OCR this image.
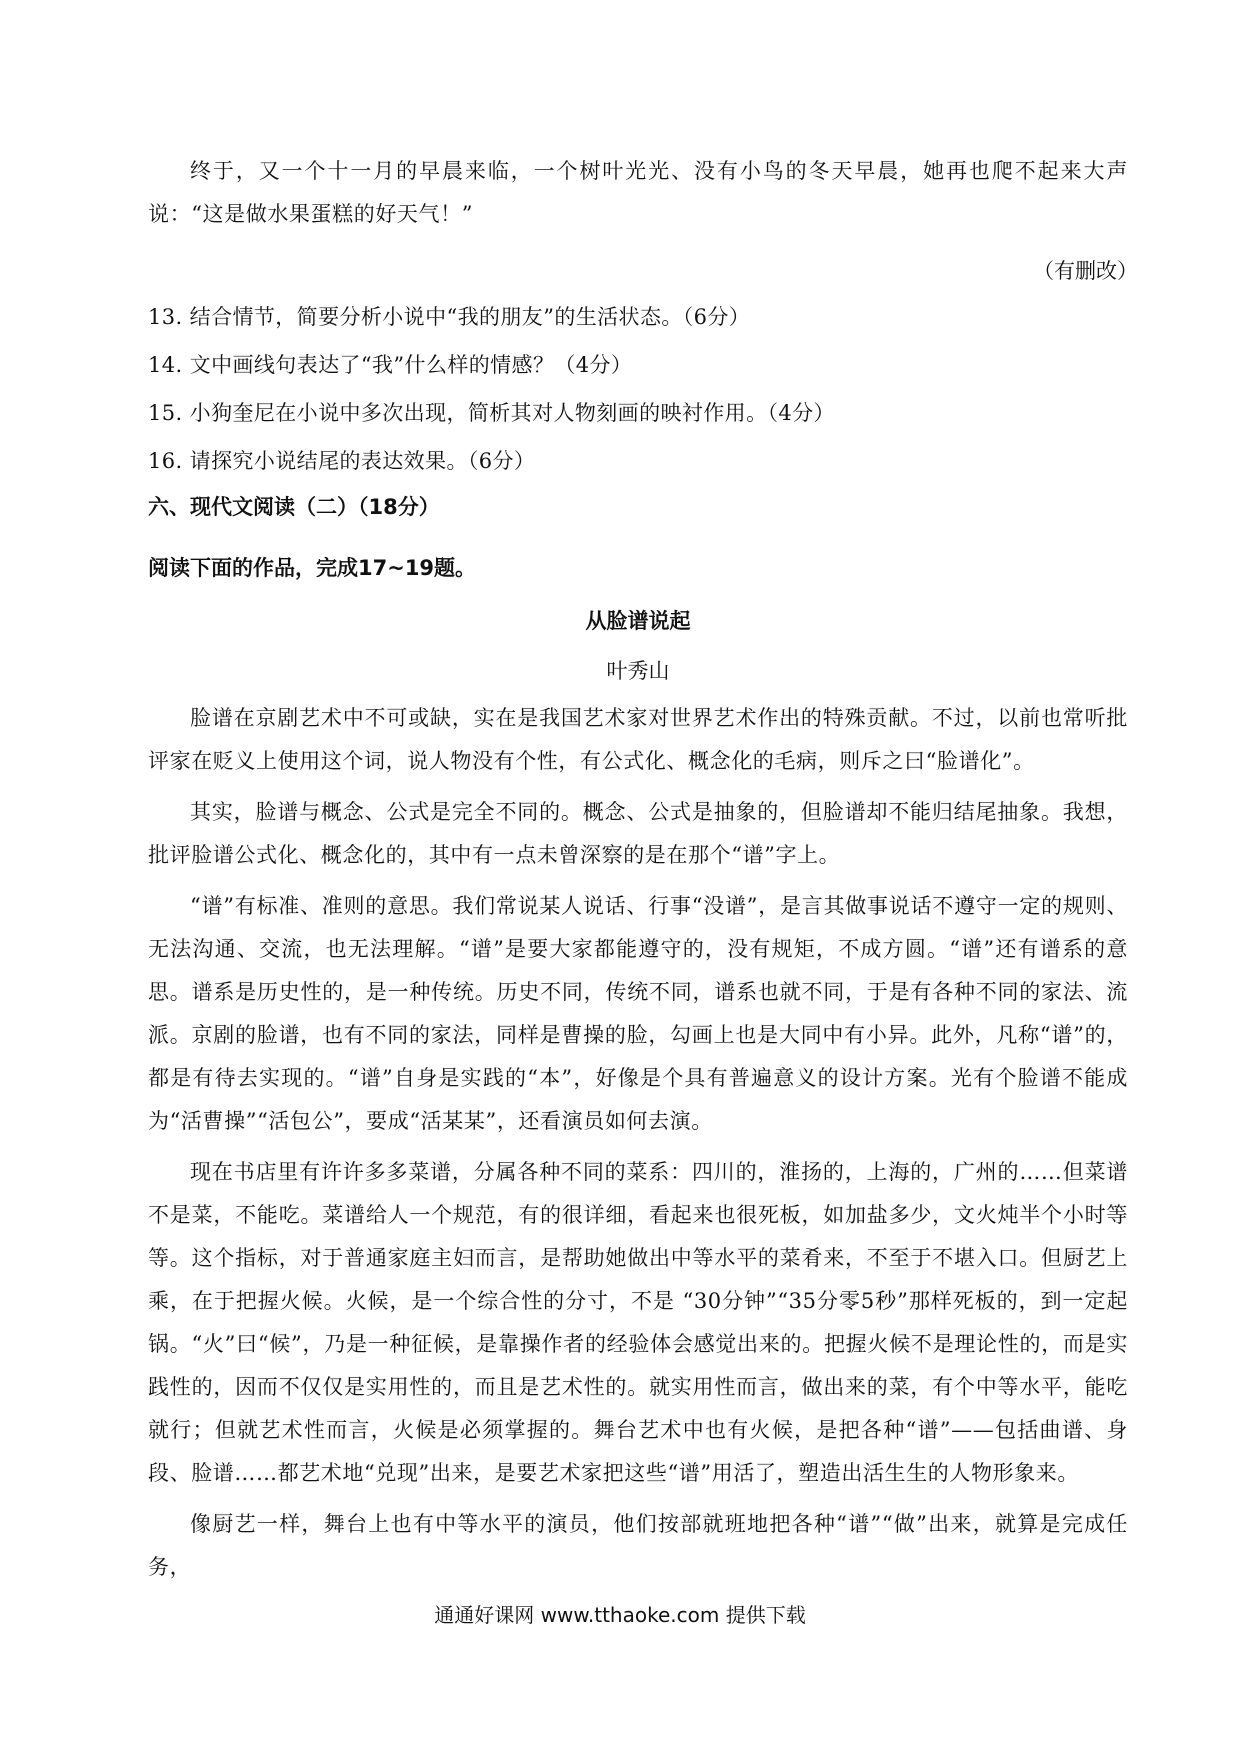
终于，又一个十一月的早晨来临，一个树叶光光、没有小鸟的冬天早晨，她再也爬不起来大声说：“这是做水果蛋糕的好天气！”

（有删改）

13. 结合情节，简要分析小说中“我的朋友”的生活状态。（6分）

14. 文中画线句表达了“我”什么样的情感？（4分）

15. 小狗奎尼在小说中多次出现，简析其对人物刻画的映衬作用。（4分）

16. 请探究小说结尾的表达效果。（6分）

六、现代文阅读（二）（18分）

阅读下面的作品，完成17~19题。

从脸谱说起

叶秀山

脸谱在京剧艺术中不可或缺，实在是我国艺术家对世界艺术作出的特殊贡献。不过，以前也常听批评家在贬义上使用这个词，说人物没有个性，有公式化、概念化的毛病，则斥之曰“脸谱化”。

其实，脸谱与概念、公式是完全不同的。概念、公式是抽象的，但脸谱却不能归结尾抽象。我想，批评脸谱公式化、概念化的，其中有一点未曾深察的是在那个“谱”字上。

“谱”有标准、准则的意思。我们常说某人说话、行事“没谱”，是言其做事说话不遵守一定的规则、无法沟通、交流，也无法理解。“谱”是要大家都能遵守的，没有规矩，不成方圆。“谱”还有谱系的意思。谱系是历史性的，是一种传统。历史不同，传统不同，谱系也就不同，于是有各种不同的家法、流派。京剧的脸谱，也有不同的家法，同样是曹操的脸，勾画上也是大同中有小异。此外，凡称“谱”的，都是有待去实现的。“谱”自身是实践的“本”，好像是个具有普遍意义的设计方案。光有个脸谱不能成为“活曹操”“活包公”，要成“活某某”，还看演员如何去演。

现在书店里有许许多多菜谱，分属各种不同的菜系：四川的，淮扬的，上海的，广州的……但菜谱不是菜，不能吃。菜谱给人一个规范，有的很详细，看起来也很死板，如加盐多少，文火炖半个小时等等。这个指标，对于普通家庭主妇而言，是帮助她做出中等水平的菜肴来，不至于不堪入口。但厨艺上乘，在于把握火候。火候，是一个综合性的分寸，不是 “30分钟”“35分零5秒”那样死板的，到一定起锅。“火”曰“候”，乃是一种征候，是靠操作者的经验体会感觉出来的。把握火候不是理论性的，而是实践性的，因而不仅仅是实用性的，而且是艺术性的。就实用性而言，做出来的菜，有个中等水平，能吃就行；但就艺术性而言，火候是必须掌握的。舞台艺术中也有火候，是把各种“谱”——包括曲谱、身段、脸谱……都艺术地“兑现”出来，是要艺术家把这些“谱”用活了，塑造出活生生的人物形象来。

像厨艺一样，舞台上也有中等水平的演员，他们按部就班地把各种“谱”“做”出来，就算是完成任务，

通通好课网 www.tthaoke.com 提供下载
